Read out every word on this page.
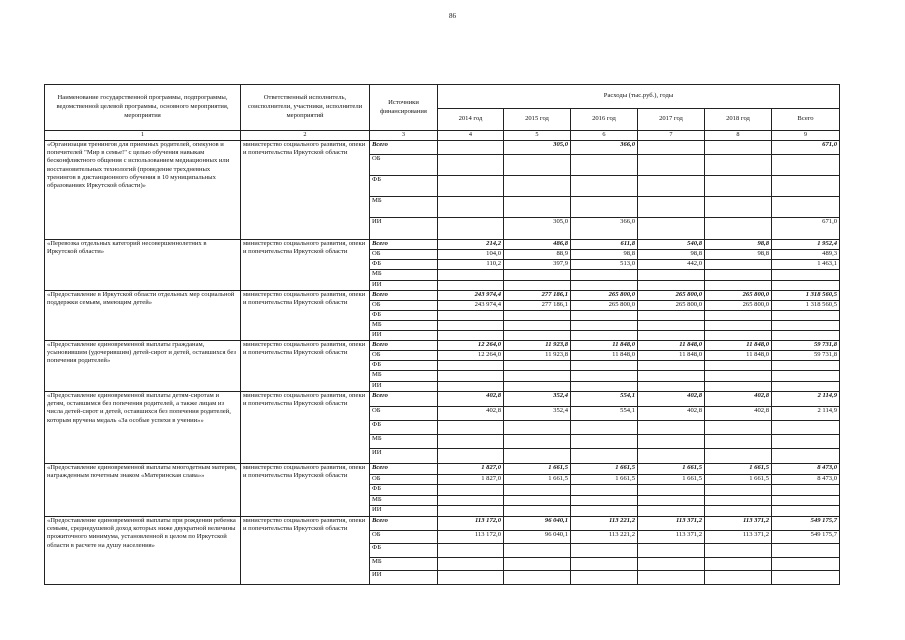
86
Наименование государственной программы, подпрограммы, ведомственной целевой программы, основного мероприятия, мероприятия	Ответственный исполнитель, соисполнители, участники, исполнители мероприятий	Источники финансирования	Расходы (тыс.руб.), годы					
			2014 год	2015 год	2016 год	2017 год	2018 год	Всего
1	2	3	4	5	6	7	8	9
«Организация тренингов для приемных родителей, опекунов и попечителей "Мир в семье!" с целью обучения навыкам бесконфликтного общения с использованием медиационных или восстановительных технологий (проведение трехдневных тренингов в дистанционного обучения в 10 муниципальных образованиях Иркутской области)»	министерство социального развития, опеки и попечительства Иркутской области	Всего		305,0	366,0			671,0
		ОБ						
		ФБ						
		МБ						
		ИИ		305,0	366,0			671,0
«Перевозка отдельных категорий несовершеннолетних в Иркутской области»	министерство социального развития, опеки и попечительства Иркутской области	Всего	214,2	486,8	611,8	540,8	98,8	1 952,4
		ОБ	104,0	88,9	98,8	98,8	98,8	489,3
		ФБ	110,2	397,9	513,0	442,0		1 463,1
		МБ						
		ИИ						
«Предоставление в Иркутской области отдельных мер социальной поддержки семьям, имеющим детей»	министерство социального развития, опеки и попечительства Иркутской области	Всего	243 974,4	277 186,1	265 800,0	265 800,0	265 800,0	1 318 560,5
		ОБ	243 974,4	277 186,1	265 800,0	265 800,0	265 800,0	1 318 560,5
		ФБ						
		МБ						
		ИИ						
«Предоставление единовременной выплаты гражданам, усыновившим (удочерившим) детей-сирот и детей, оставшихся без попечения родителей»	министерство социального развития, опеки и попечительства Иркутской области	Всего	12 264,0	11 923,8	11 848,0	11 848,0	11 848,0	59 731,8
		ОБ	12 264,0	11 923,8	11 848,0	11 848,0	11 848,0	59 731,8
		ФБ						
		МБ						
		ИИ						
«Предоставление единовременной выплаты детям-сиротам и детям, оставшимся без попечения родителей, а также лицам из числа детей-сирот и детей, оставшихся без попечения родителей, которым вручена медаль «За особые успехи в учении»»	министерство социального развития, опеки и попечительства Иркутской области	Всего	402,8	352,4	554,1	402,8	402,8	2 114,9
		ОБ	402,8	352,4	554,1	402,8	402,8	2 114,9
		ФБ						
		МБ						
		ИИ						
«Предоставление единовременной выплаты многодетным матерям, награжденным почетным знаком «Материнская слава»»	министерство социального развития, опеки и попечительства Иркутской области	Всего	1 827,0	1 661,5	1 661,5	1 661,5	1 661,5	8 473,0
		ОБ	1 827,0	1 661,5	1 661,5	1 661,5	1 661,5	8 473,0
		ФБ						
		МБ						
		ИИ						
«Предоставление единовременной выплаты при рождении ребенка семьям, среднедушевой доход которых ниже двукратной величины прожиточного минимума, установленной в целом по Иркутской области в расчете на душу населения»	министерство социального развития, опеки и попечительства Иркутской области	Всего	113 172,0	96 040,1	113 221,2	113 371,2	113 371,2	549 175,7
		ОБ	113 172,0	96 040,1	113 221,2	113 371,2	113 371,2	549 175,7
		ФБ						
		МБ						
		ИИ						
